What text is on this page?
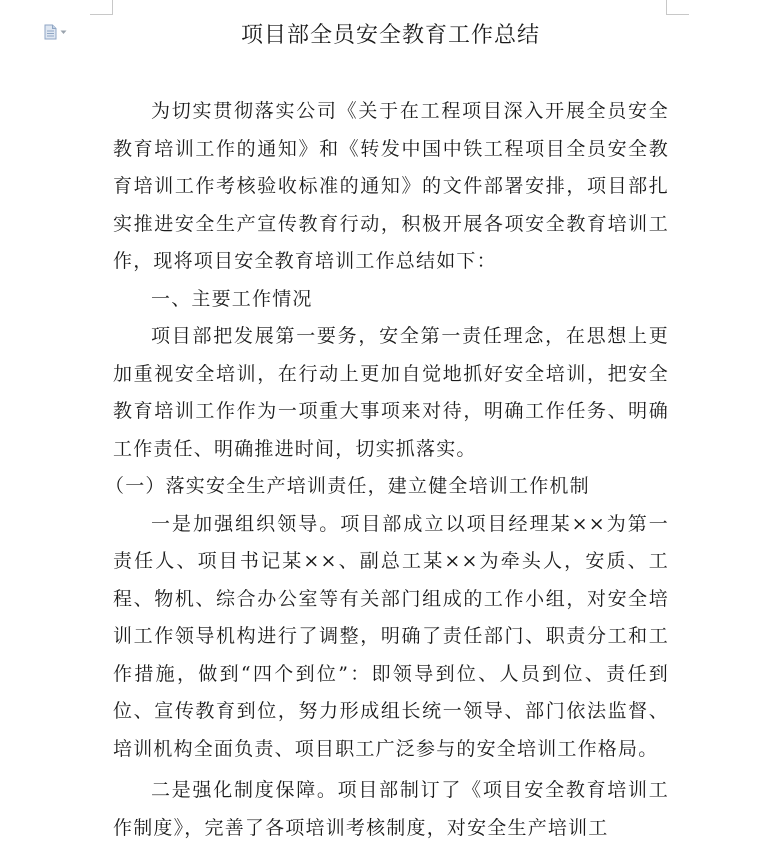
项目部全员安全教育工作总结

为切实贯彻落实公司《关于在工程项目深入开展全员安全教育培训工作的通知》和《转发中国中铁工程项目全员安全教育培训工作考核验收标准的通知》的文件部署安排，项目部扎实推进安全生产宣传教育行动，积极开展各项安全教育培训工作，现将项目安全教育培训工作总结如下：

一、主要工作情况

项目部把发展第一要务，安全第一责任理念，在思想上更加重视安全培训，在行动上更加自觉地抓好安全培训，把安全教育培训工作作为一项重大事项来对待，明确工作任务、明确工作责任、明确推进时间，切实抓落实。

（一）落实安全生产培训责任，建立健全培训工作机制

一是加强组织领导。项目部成立以项目经理某××为第一责任人、项目书记某××、副总工某××为牵头人，安质、工程、物机、综合办公室等有关部门组成的工作小组，对安全培训工作领导机构进行了调整，明确了责任部门、职责分工和工作措施，做到“四个到位”：即领导到位、人员到位、责任到位、宣传教育到位，努力形成组长统一领导、部门依法监督、培训机构全面负责、项目职工广泛参与的安全培训工作格局。

二是强化制度保障。项目部制订了《项目安全教育培训工作制度》，完善了各项培训考核制度，对安全生产培训工
